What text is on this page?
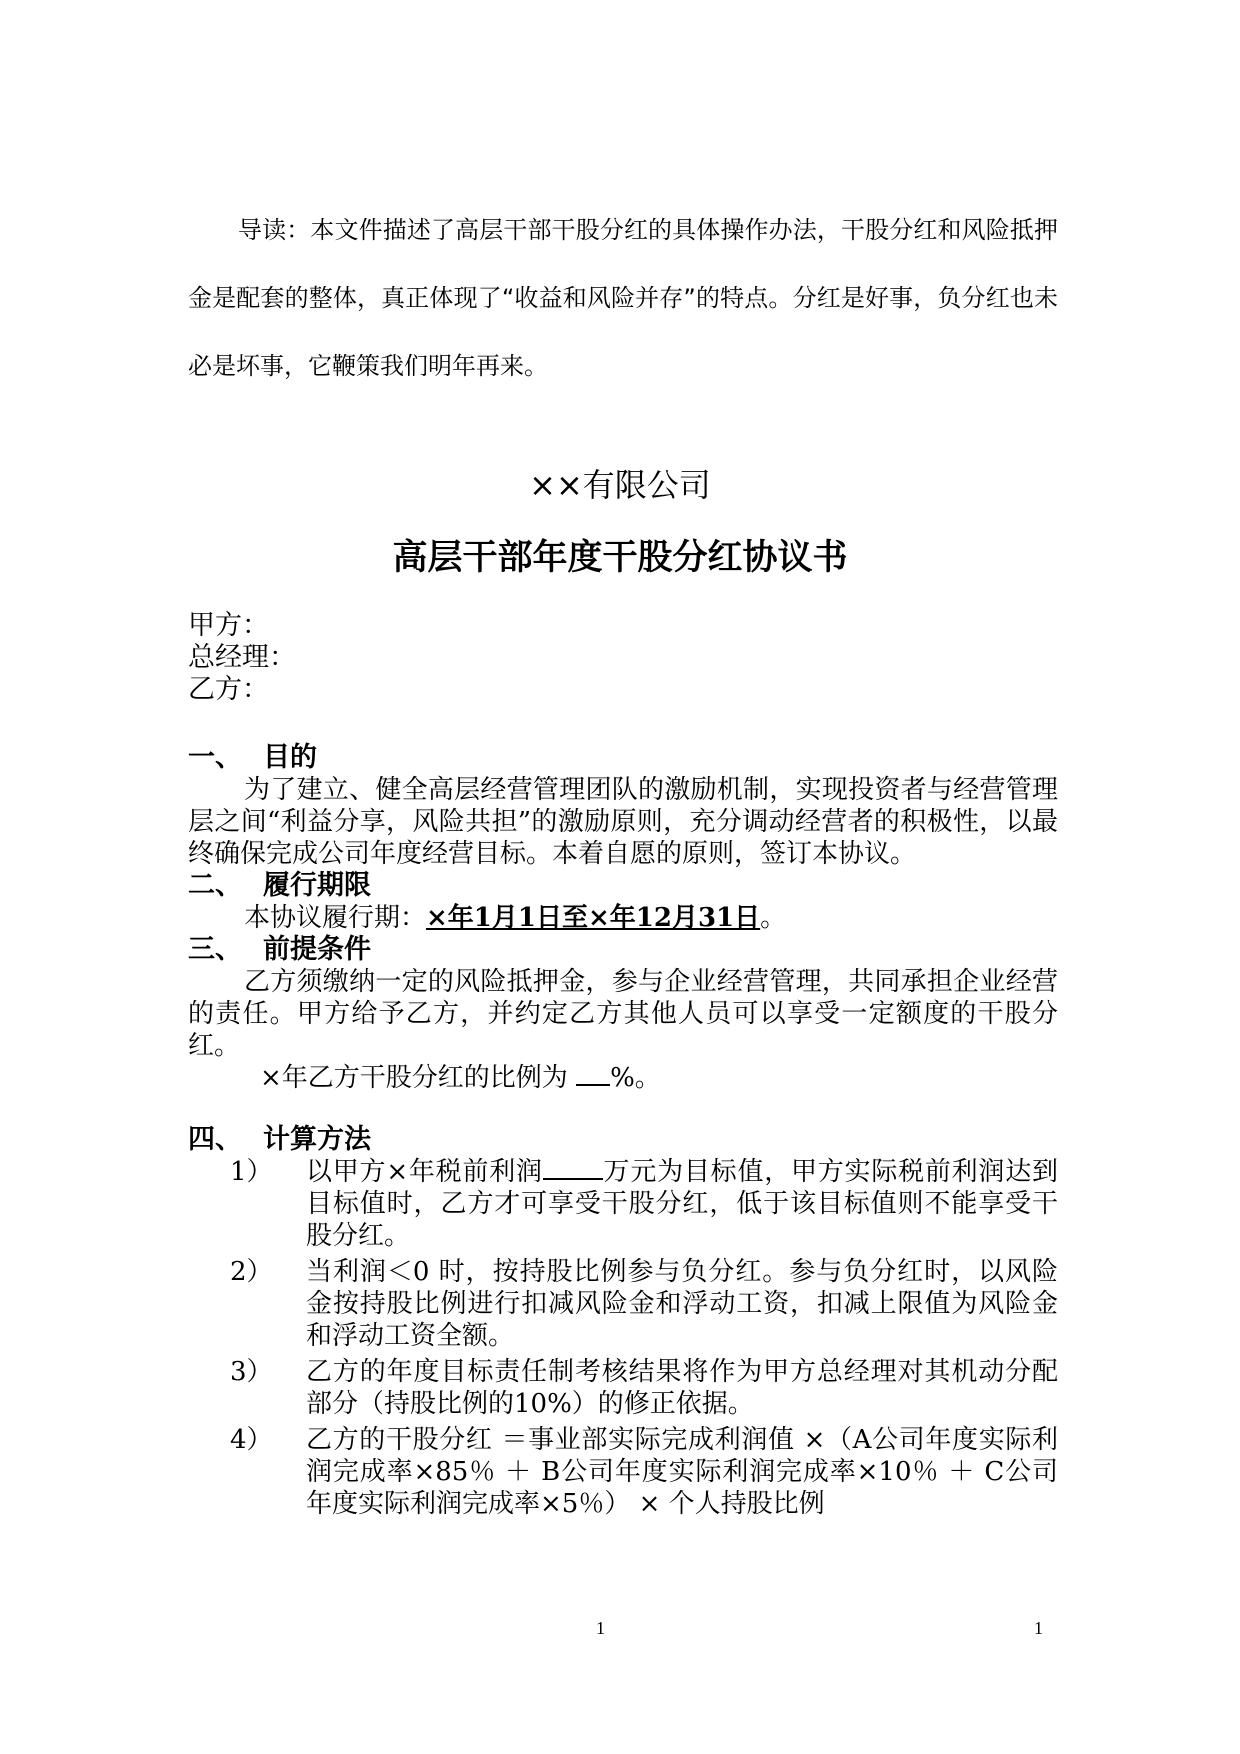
导读：本文件描述了高层干部干股分红的具体操作办法，干股分红和风险抵押金是配套的整体，真正体现了“收益和风险并存”的特点。分红是好事，负分红也未必是坏事，它鞭策我们明年再来。

××有限公司
高层干部年度干股分红协议书
甲方：
总经理：
乙方：
一、 目的
为了建立、健全高层经营管理团队的激励机制，实现投资者与经营管理层之间“利益分享，风险共担”的激励原则，充分调动经营者的积极性，以最终确保完成公司年度经营目标。本着自愿的原则，签订本协议。
二、 履行期限
本协议履行期：×年1月1日至×年12月31日。
三、 前提条件
乙方须缴纳一定的风险抵押金，参与企业经营管理，共同承担企业经营的责任。甲方给予乙方，并约定乙方其他人员可以享受一定额度的干股分红。
×年乙方干股分红的比例为 %。
四、 计算方法
1）	以甲方×年税前利润 万元为目标值，甲方实际税前利润达到目标值时，乙方才可享受干股分红，低于该目标值则不能享受干股分红。
2）	当利润＜0 时，按持股比例参与负分红。参与负分红时，以风险金按持股比例进行扣减风险金和浮动工资，扣减上限值为风险金和浮动工资全额。
3）	乙方的年度目标责任制考核结果将作为甲方总经理对其机动分配部分（持股比例的10%）的修正依据。
4）	乙方的干股分红 ＝事业部实际完成利润值 ×（A公司年度实际利润完成率×85％ ＋ B公司年度实际利润完成率×10％ ＋ C公司年度实际利润完成率×5％） × 个人持股比例
1	1
